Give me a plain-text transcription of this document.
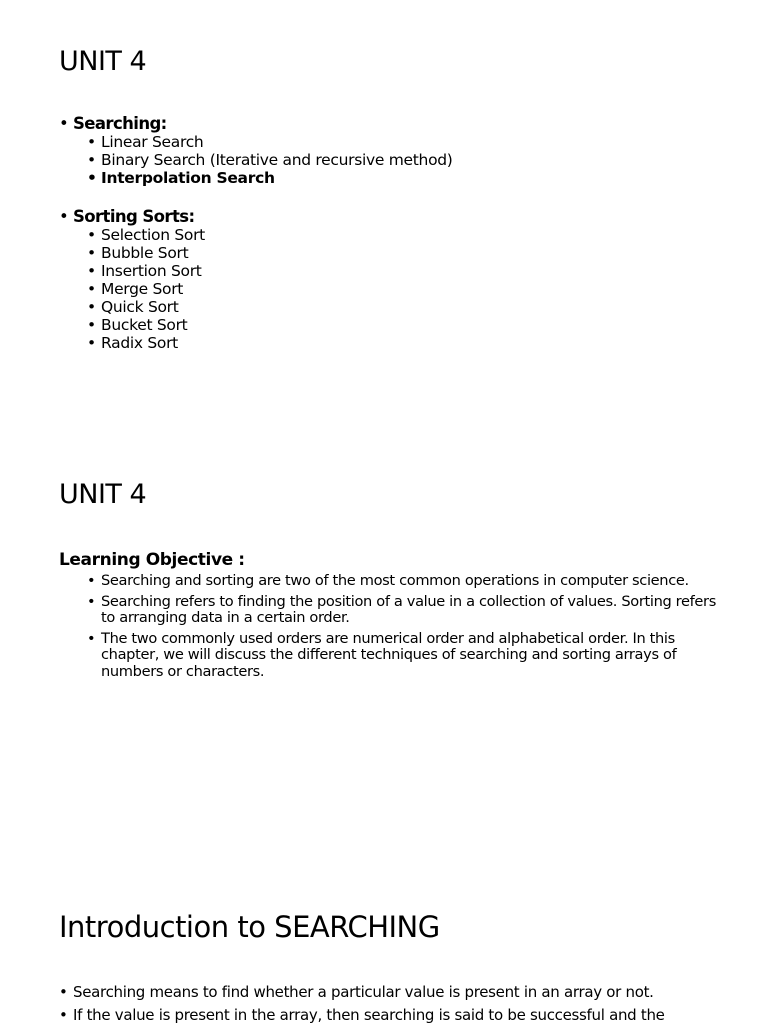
UNIT 4
• Searching:
• Linear Search
• Binary Search (Iterative and recursive method)
• Interpolation Search
• Sorting Sorts:
• Selection Sort
• Bubble Sort
• Insertion Sort
• Merge Sort
• Quick Sort
• Bucket Sort
• Radix Sort
UNIT 4
Learning Objective :
• Searching and sorting are two of the most common operations in computer science.
• Searching refers to finding the position of a value in a collection of values. Sorting refers to arranging data in a certain order.
• The two commonly used orders are numerical order and alphabetical order. In this chapter, we will discuss the different techniques of searching and sorting arrays of numbers or characters.
Introduction to SEARCHING
• Searching means to find whether a particular value is present in an array or not.
• If the value is present in the array, then searching is said to be successful and the
